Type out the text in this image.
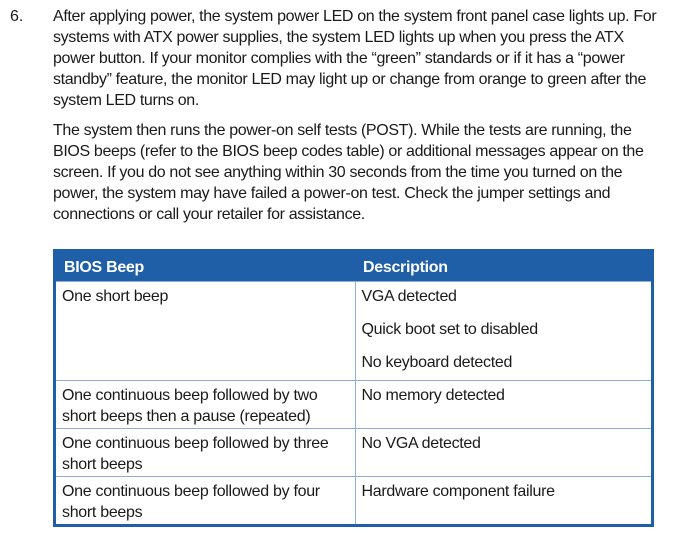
6. After applying power, the system power LED on the system front panel case lights up. For systems with ATX power supplies, the system LED lights up when you press the ATX power button. If your monitor complies with the “green” standards or if it has a “power standby” feature, the monitor LED may light up or change from orange to green after the system LED turns on.

The system then runs the power-on self tests (POST). While the tests are running, the BIOS beeps (refer to the BIOS beep codes table) or additional messages appear on the screen. If you do not see anything within 30 seconds from the time you turned on the power, the system may have failed a power-on test. Check the jumper settings and connections or call your retailer for assistance.

BIOS Beep	Description
One short beep	VGA detected
Quick boot set to disabled
No keyboard detected

One continuous beep followed by two short beeps then a pause (repeated)	No memory detected

One continuous beep followed by three short beeps	No VGA detected

One continuous beep followed by four short beeps	Hardware component failure
